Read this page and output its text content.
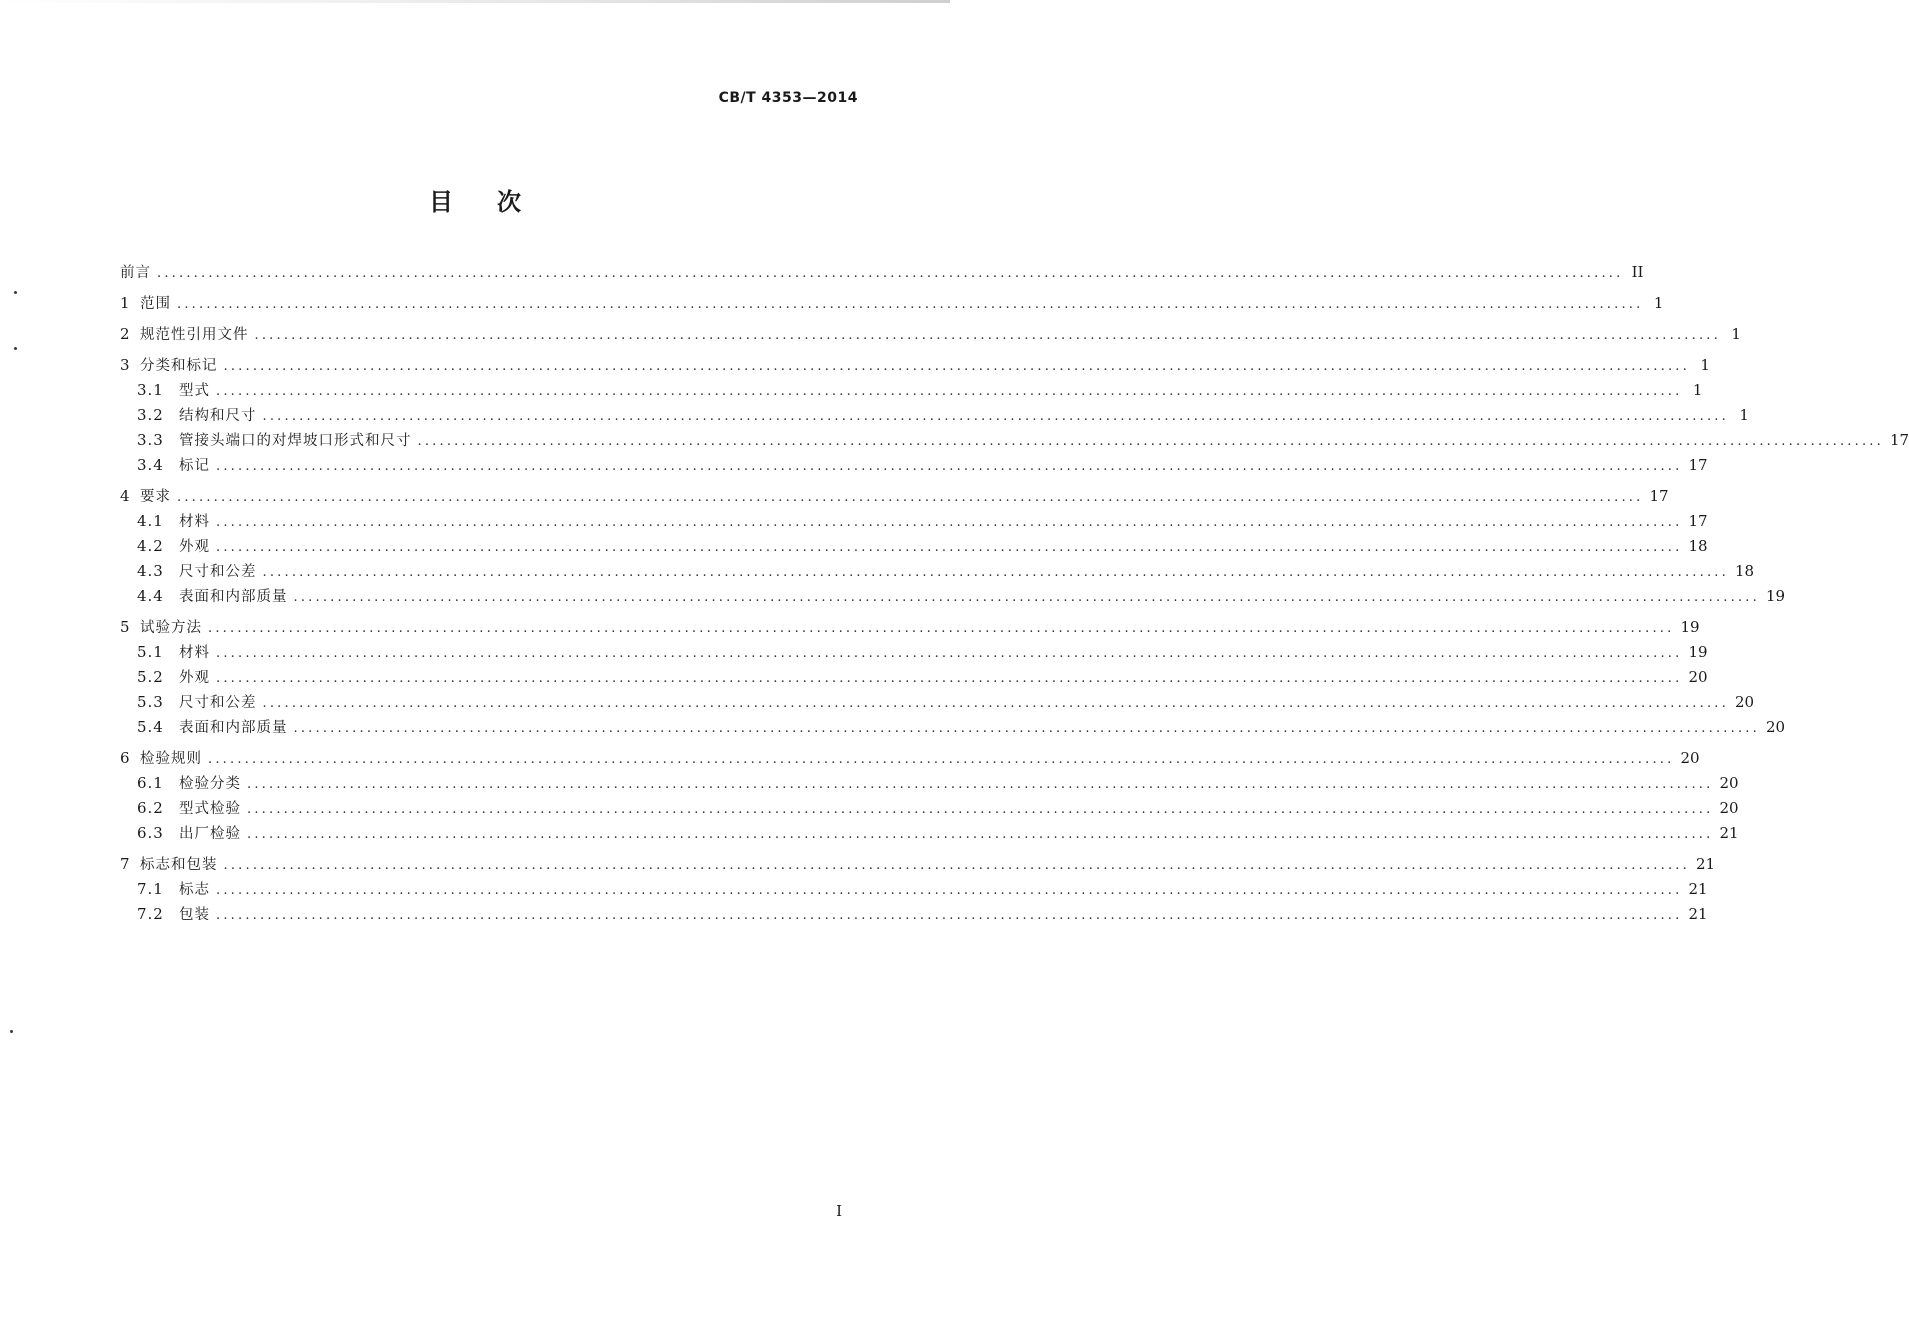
CB/T 4353—2014
目次
前言 ........................................................................................................................................................................................................ II
1 范围 ........................................................................................................................................................................................................ 1
2 规范性引用文件 ........................................................................................................................................................................................................ 1
3 分类和标记 ........................................................................................................................................................................................................ 1
3.1	型式 ........................................................................................................................................................................................................ 1
3.2	结构和尺寸 ........................................................................................................................................................................................................ 1
3.3	管接头端口的对焊坡口形式和尺寸 ........................................................................................................................................................................................................ 17
3.4	标记 ........................................................................................................................................................................................................ 17
4 要求 ........................................................................................................................................................................................................ 17
4.1	材料 ........................................................................................................................................................................................................ 17
4.2	外观 ........................................................................................................................................................................................................ 18
4.3	尺寸和公差 ........................................................................................................................................................................................................ 18
4.4	表面和内部质量 ........................................................................................................................................................................................................ 19
5 试验方法 ........................................................................................................................................................................................................ 19
5.1	材料 ........................................................................................................................................................................................................ 19
5.2	外观 ........................................................................................................................................................................................................ 20
5.3	尺寸和公差 ........................................................................................................................................................................................................ 20
5.4	表面和内部质量 ........................................................................................................................................................................................................ 20
6 检验规则 ........................................................................................................................................................................................................ 20
6.1	检验分类 ........................................................................................................................................................................................................ 20
6.2	型式检验 ........................................................................................................................................................................................................ 20
6.3	出厂检验 ........................................................................................................................................................................................................ 21
7 标志和包装 ........................................................................................................................................................................................................ 21
7.1	标志 ........................................................................................................................................................................................................ 21
7.2	包装 ........................................................................................................................................................................................................ 21
I
